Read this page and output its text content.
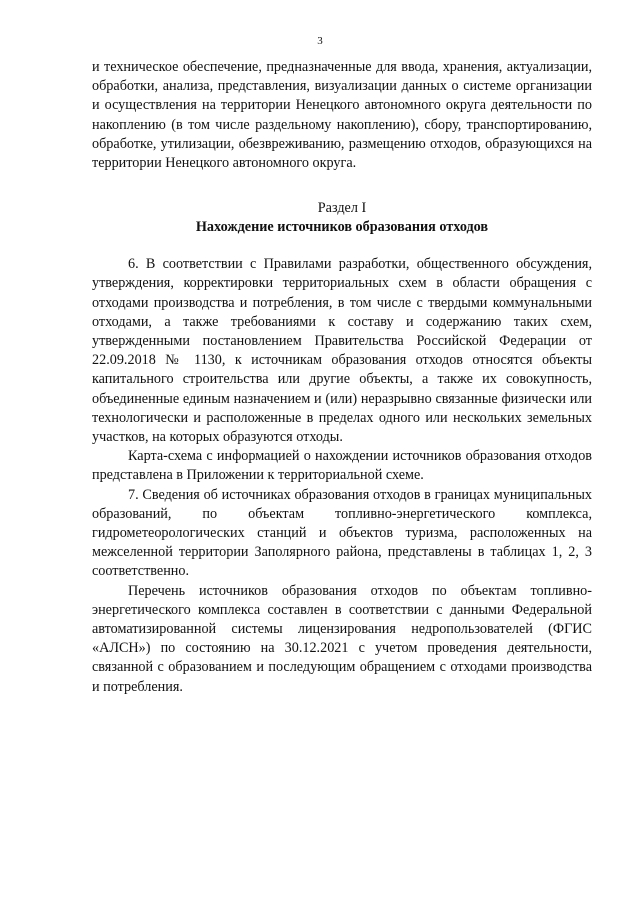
3

и техническое обеспечение, предназначенные для ввода, хранения, актуализации, обработки, анализа, представления, визуализации данных о системе организации и осуществления на территории Ненецкого автономного округа деятельности по накоплению (в том числе раздельному накоплению), сбору, транспортированию, обработке, утилизации, обезвреживанию, размещению отходов, образующихся на территории Ненецкого автономного округа.

Раздел I
Нахождение источников образования отходов

6. В соответствии с Правилами разработки, общественного обсуждения, утверждения, корректировки территориальных схем в области обращения с отходами производства и потребления, в том числе с твердыми коммунальными отходами, а также требованиями к составу и содержанию таких схем, утвержденными постановлением Правительства Российской Федерации от 22.09.2018 № 1130, к источникам образования отходов относятся объекты капитального строительства или другие объекты, а также их совокупность, объединенные единым назначением и (или) неразрывно связанные физически или технологически и расположенные в пределах одного или нескольких земельных участков, на которых образуются отходы.

Карта-схема с информацией о нахождении источников образования отходов представлена в Приложении к территориальной схеме.

7. Сведения об источниках образования отходов в границах муниципальных образований, по объектам топливно-энергетического комплекса, гидрометеорологических станций и объектов туризма, расположенных на межселенной территории Заполярного района, представлены в таблицах 1, 2, 3 соответственно.

Перечень источников образования отходов по объектам топливно-энергетического комплекса составлен в соответствии с данными Федеральной автоматизированной системы лицензирования недропользователей (ФГИС «АЛСН») по состоянию на 30.12.2021 с учетом проведения деятельности, связанной с образованием и последующим обращением с отходами производства и потребления.
